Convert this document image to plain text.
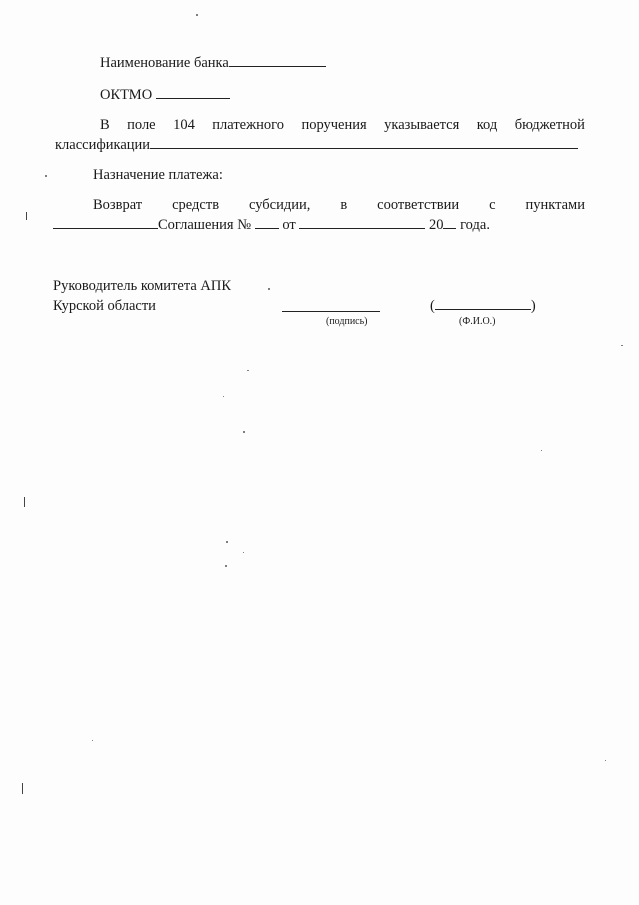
Наименование банка
ОКТМО
В поле 104 платежного поручения указывается код бюджетной
классификации
Назначение платежа:
Возврат средств субсидии, в соответствии с пунктами
Соглашения № от	20 года.
Руководитель комитета АПК
Курской области	(	)
(подпись)	(Ф.И.О.)
